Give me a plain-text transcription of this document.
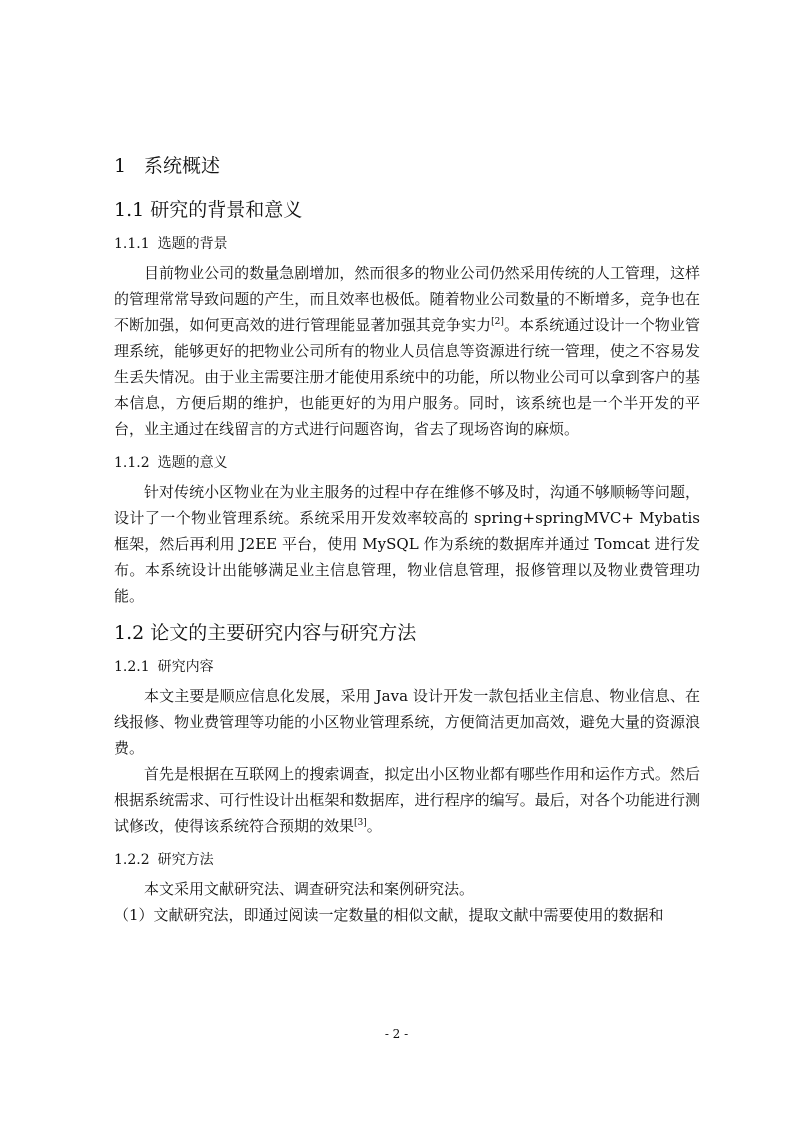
1 系统概述
1.1 研究的背景和意义
1.1.1 选题的背景

目前物业公司的数量急剧增加，然而很多的物业公司仍然采用传统的人工管理，这样的管理常常导致问题的产生，而且效率也极低。随着物业公司数量的不断增多，竞争也在不断加强，如何更高效的进行管理能显著加强其竞争实力[2]。本系统通过设计一个物业管理系统，能够更好的把物业公司所有的物业人员信息等资源进行统一管理，使之不容易发生丢失情况。由于业主需要注册才能使用系统中的功能，所以物业公司可以拿到客户的基本信息，方便后期的维护，也能更好的为用户服务。同时，该系统也是一个半开发的平台，业主通过在线留言的方式进行问题咨询，省去了现场咨询的麻烦。

1.1.2 选题的意义

针对传统小区物业在为业主服务的过程中存在维修不够及时，沟通不够顺畅等问题，设计了一个物业管理系统。系统采用开发效率较高的 spring+springMVC+ Mybatis 框架，然后再利用 J2EE 平台，使用 MySQL 作为系统的数据库并通过 Tomcat 进行发布。本系统设计出能够满足业主信息管理，物业信息管理，报修管理以及物业费管理功能。

1.2 论文的主要研究内容与研究方法
1.2.1 研究内容

本文主要是顺应信息化发展，采用 Java 设计开发一款包括业主信息、物业信息、在线报修、物业费管理等功能的小区物业管理系统，方便简洁更加高效，避免大量的资源浪费。

首先是根据在互联网上的搜索调查，拟定出小区物业都有哪些作用和运作方式。然后根据系统需求、可行性设计出框架和数据库，进行程序的编写。最后，对各个功能进行测试修改，使得该系统符合预期的效果[3]。

1.2.2 研究方法

本文采用文献研究法、调查研究法和案例研究法。

（1）文献研究法，即通过阅读一定数量的相似文献，提取文献中需要使用的数据和

- 2 -
